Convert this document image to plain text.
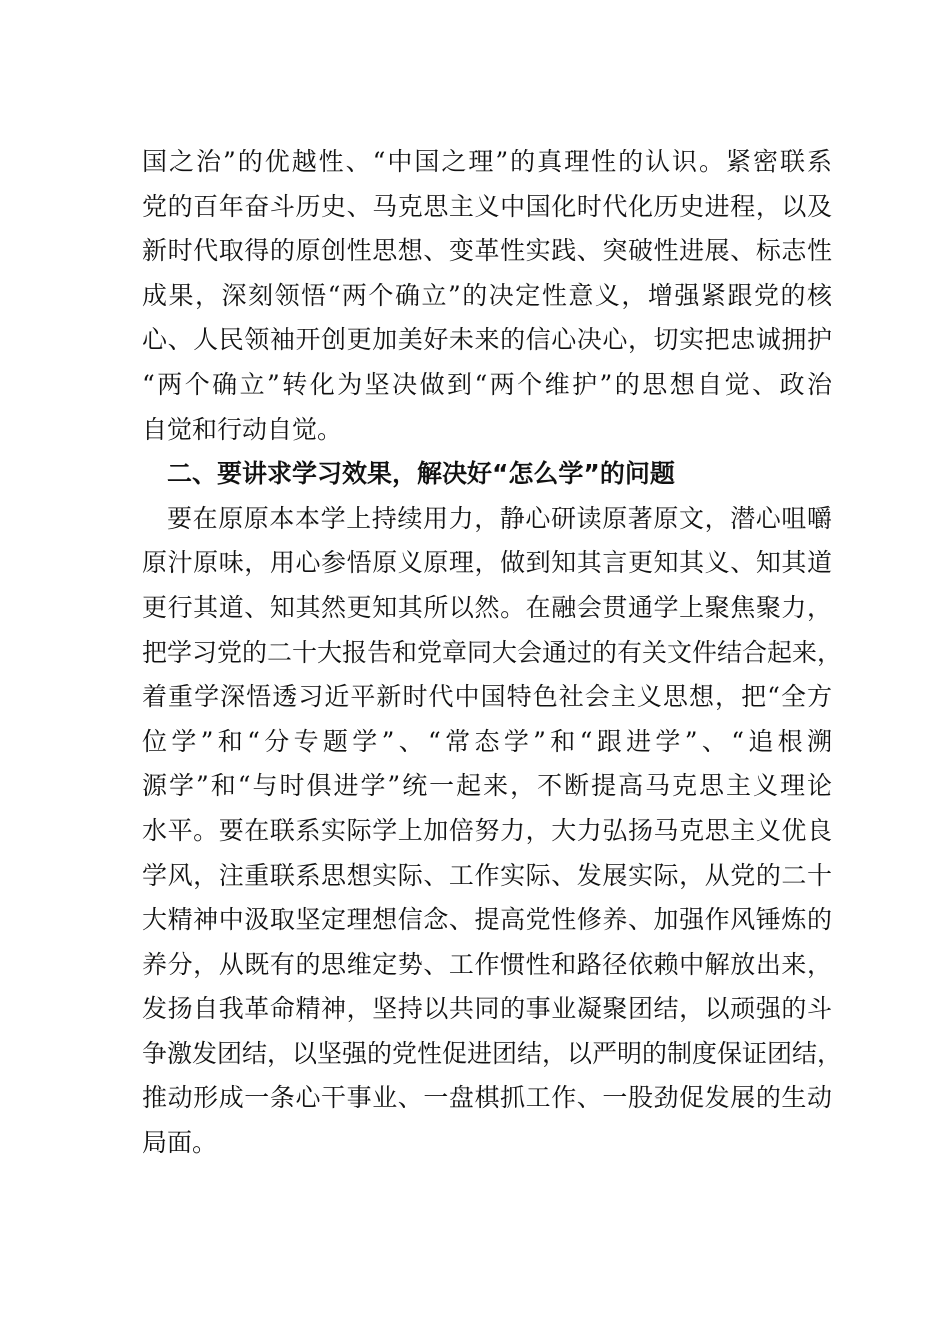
国之治”的优越性、“中国之理”的真理性的认识。紧密联系
党的百年奋斗历史、马克思主义中国化时代化历史进程，以及
新时代取得的原创性思想、变革性实践、突破性进展、标志性
成果，深刻领悟“两个确立”的决定性意义，增强紧跟党的核
心、人民领袖开创更加美好未来的信心决心，切实把忠诚拥护
“两个确立”转化为坚决做到“两个维护”的思想自觉、政治
自觉和行动自觉。
二、要讲求学习效果，解决好“怎么学”的问题
要在原原本本学上持续用力，静心研读原著原文，潜心咀嚼
原汁原味，用心参悟原义原理，做到知其言更知其义、知其道
更行其道、知其然更知其所以然。在融会贯通学上聚焦聚力，
把学习党的二十大报告和党章同大会通过的有关文件结合起来，
着重学深悟透习近平新时代中国特色社会主义思想，把“全方
位学”和“分专题学”、“常态学”和“跟进学”、“追根溯
源学”和“与时俱进学”统一起来，不断提高马克思主义理论
水平。要在联系实际学上加倍努力，大力弘扬马克思主义优良
学风，注重联系思想实际、工作实际、发展实际，从党的二十
大精神中汲取坚定理想信念、提高党性修养、加强作风锤炼的
养分，从既有的思维定势、工作惯性和路径依赖中解放出来，
发扬自我革命精神，坚持以共同的事业凝聚团结，以顽强的斗
争激发团结，以坚强的党性促进团结，以严明的制度保证团结，
推动形成一条心干事业、一盘棋抓工作、一股劲促发展的生动
局面。
